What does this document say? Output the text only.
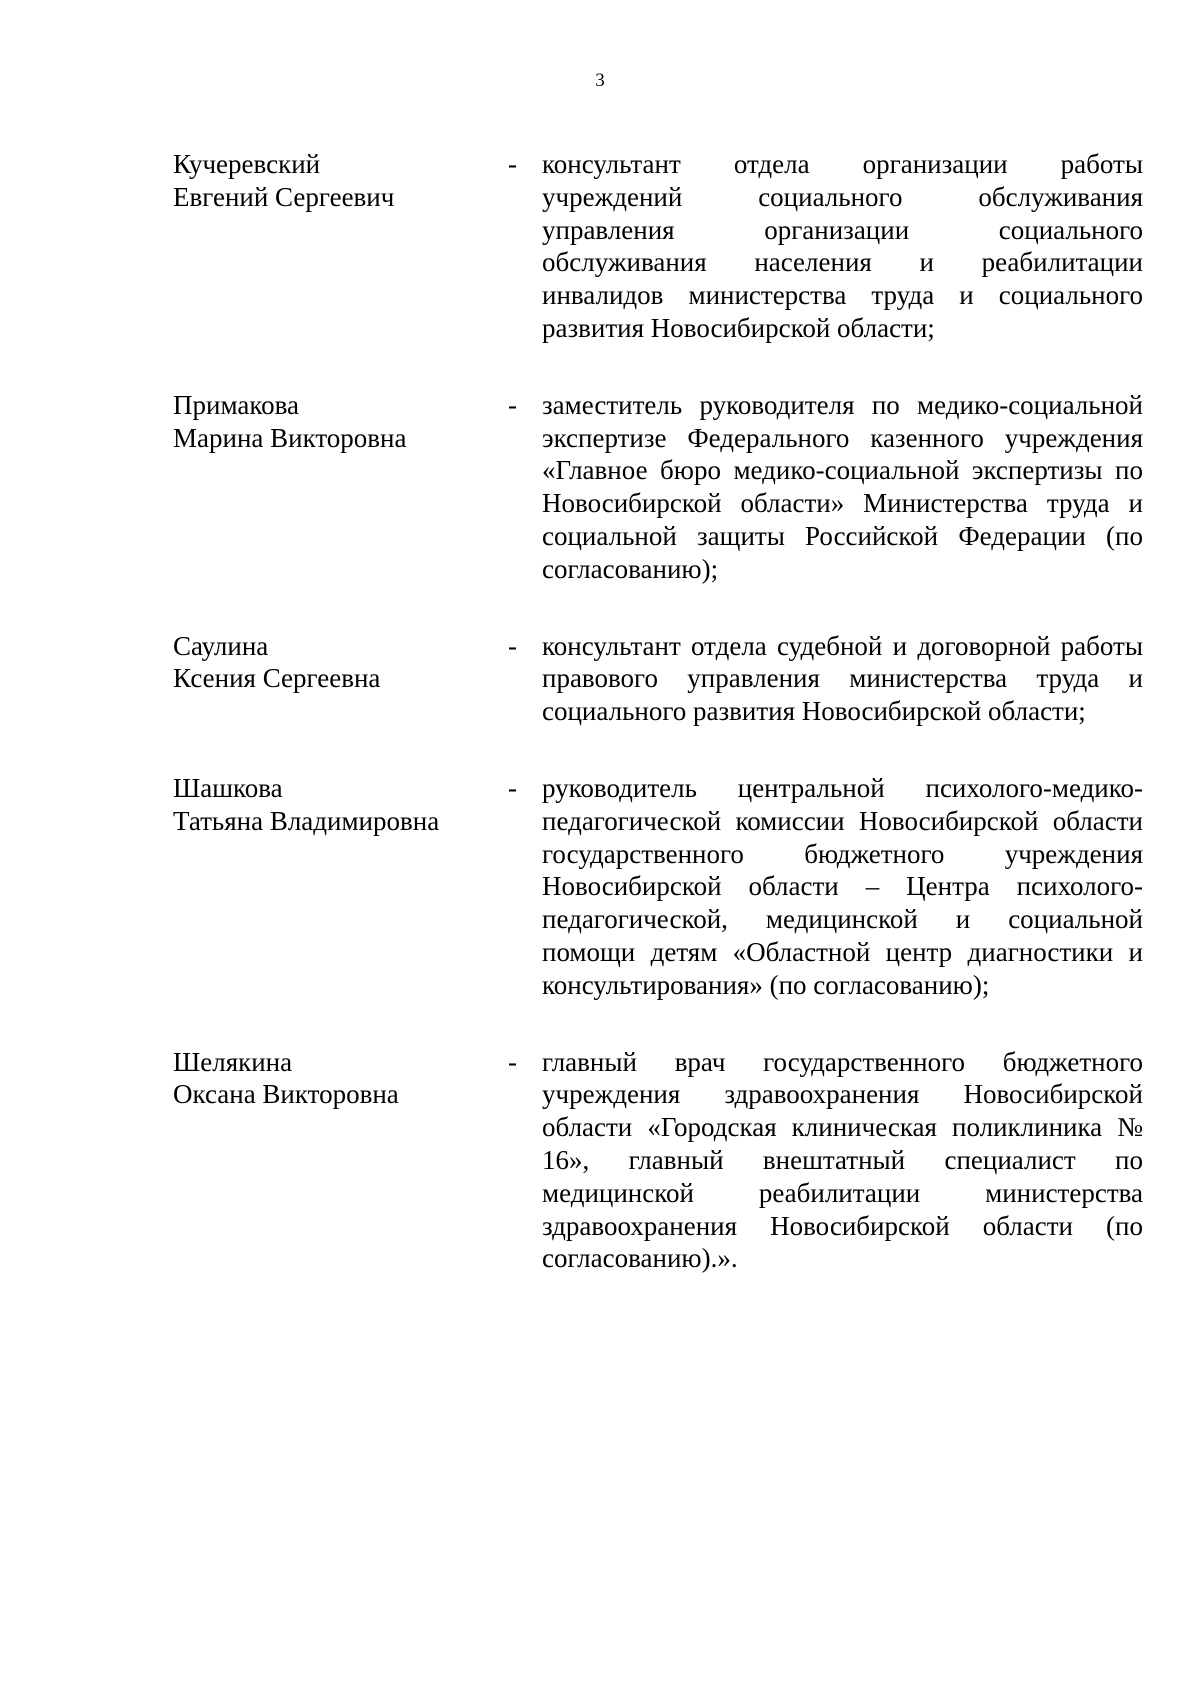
3
Кучеревский
Евгений Сергеевич
- консультант отдела организации работы учреждений социального обслуживания управления организации социального обслуживания населения и реабилитации инвалидов министерства труда и социального развития Новосибирской области;
Примакова
Марина Викторовна
- заместитель руководителя по медико-социальной экспертизе Федерального казенного учреждения «Главное бюро медико-социальной экспертизы по Новосибирской области» Министерства труда и социальной защиты Российской Федерации (по согласованию);
Саулина
Ксения Сергеевна
- консультант отдела судебной и договорной работы правового управления министерства труда и социального развития Новосибирской области;
Шашкова
Татьяна Владимировна
- руководитель центральной психолого-медико-педагогической комиссии Новосибирской области государственного бюджетного учреждения Новосибирской области – Центра психолого-педагогической, медицинской и социальной помощи детям «Областной центр диагностики и консультирования» (по согласованию);
Шелякина
Оксана Викторовна
- главный врач государственного бюджетного учреждения здравоохранения Новосибирской области «Городская клиническая поликлиника № 16», главный внештатный специалист по медицинской реабилитации министерства здравоохранения Новосибирской области (по согласованию).».
